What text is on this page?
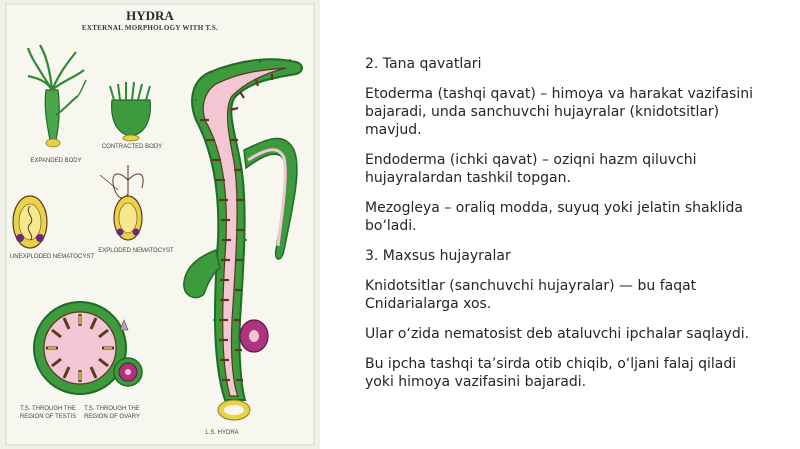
HYDRA
EXTERNAL MORPHOLOGY WITH T.S.
EXPANDED BODY
CONTRACTED BODY
UNEXPLODED NEMATOCYST
EXPLODED NEMATOCYST
T.S. THROUGH THE
REGION OF TESTIS
T.S. THROUGH THE
REGION OF OVARY
L.S. HYDRA

2. Tana qavatlari

Etoderma (tashqi qavat) – himoya va harakat vazifasini bajaradi, unda sanchuvchi hujayralar (knidotsitlar) mavjud.

Endoderma (ichki qavat) – oziqni hazm qiluvchi hujayralardan tashkil topgan.

Mezogleya – oraliq modda, suyuq yoki jelatin shaklida bo‘ladi.

3. Maxsus hujayralar

Knidotsitlar (sanchuvchi hujayralar) — bu faqat Cnidarialarga xos.

Ular o‘zida nematosist deb ataluvchi ipchalar saqlaydi.

Bu ipcha tashqi ta’sirda otib chiqib, o‘ljani falaj qiladi yoki himoya vazifasini bajaradi.
